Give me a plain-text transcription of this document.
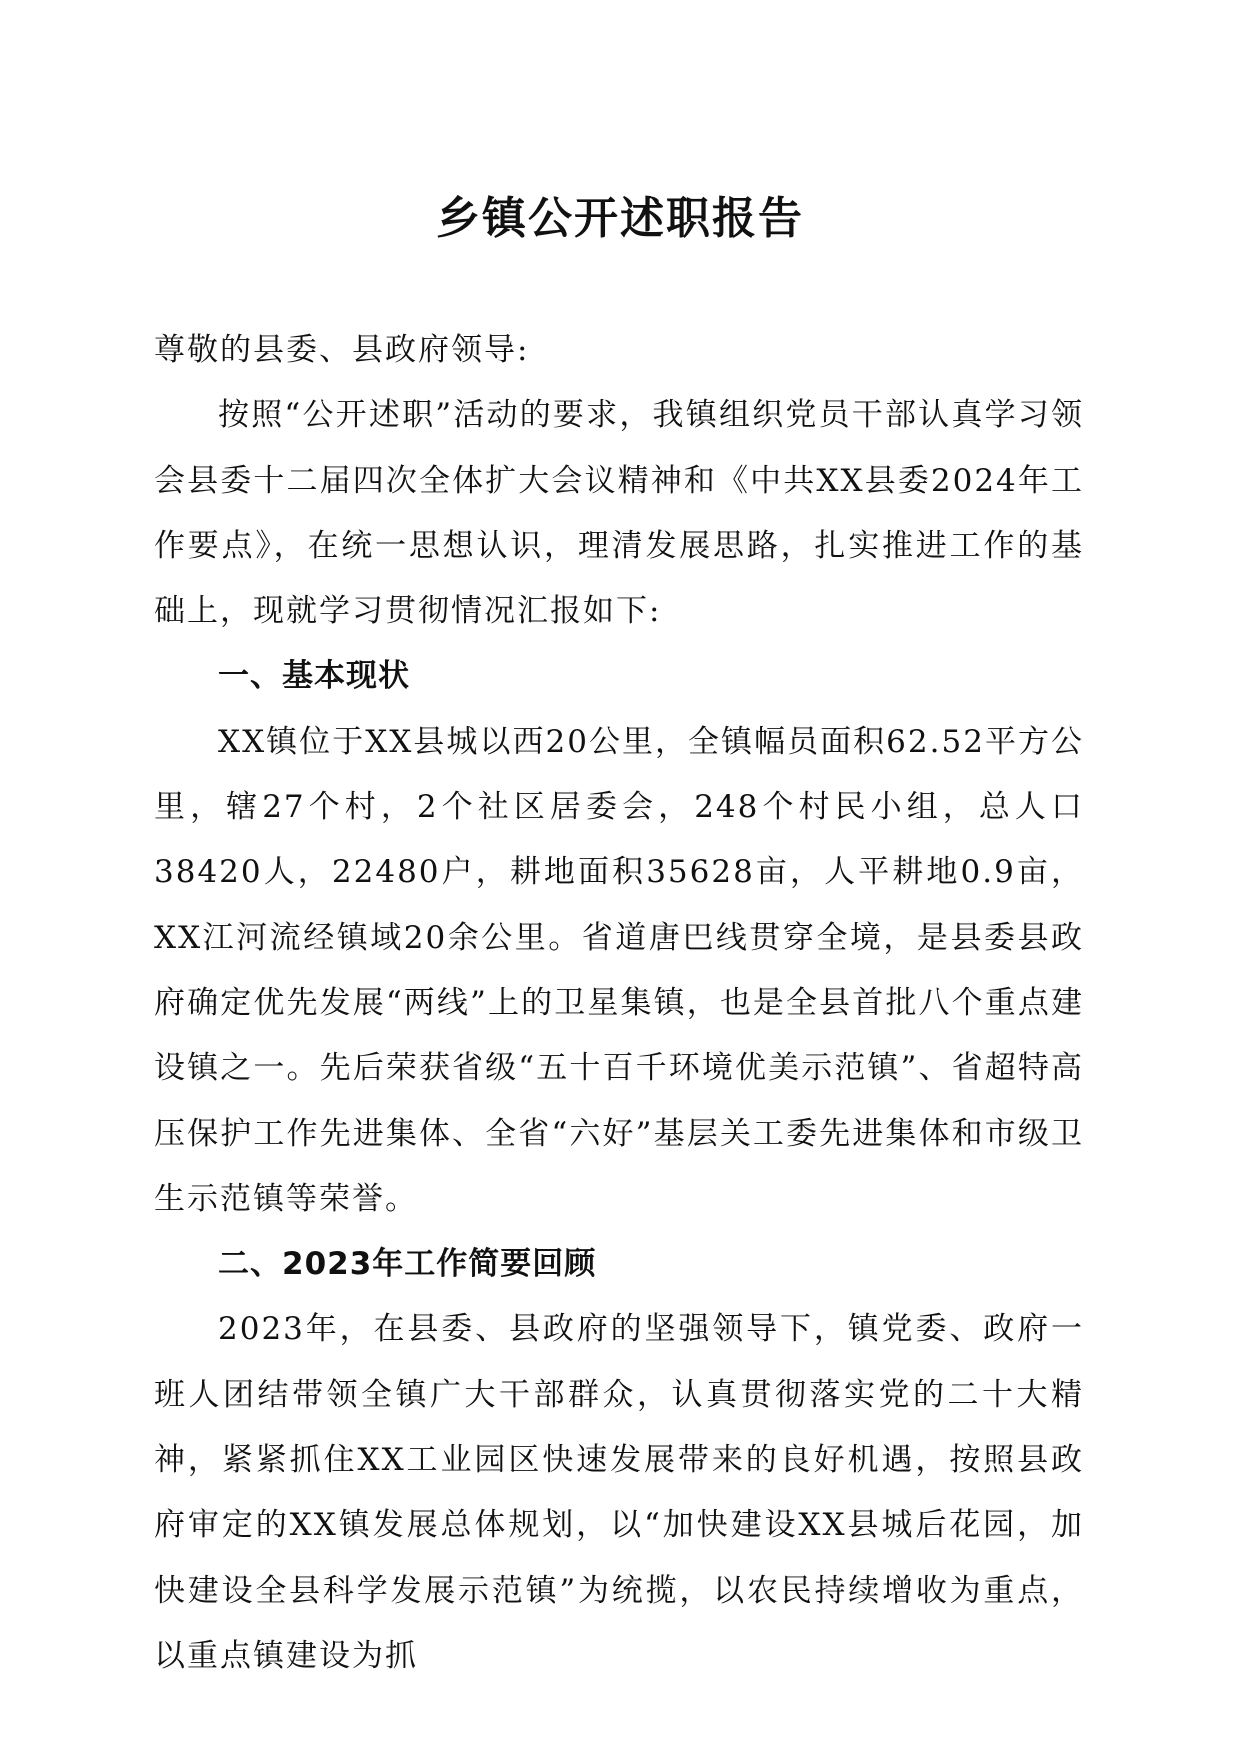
乡镇公开述职报告

尊敬的县委、县政府领导:

按照“公开述职”活动的要求，我镇组织党员干部认真学习领会县委十二届四次全体扩大会议精神和《中共XX县委2024年工作要点》，在统一思想认识，理清发展思路，扎实推进工作的基础上，现就学习贯彻情况汇报如下:

一、基本现状

XX镇位于XX县城以西20公里，全镇幅员面积62.52平方公里，辖27个村，2个社区居委会，248个村民小组，总人口38420人，22480户，耕地面积35628亩，人平耕地0.9亩，XX江河流经镇域20余公里。省道唐巴线贯穿全境，是县委县政府确定优先发展“两线”上的卫星集镇，也是全县首批八个重点建设镇之一。先后荣获省级“五十百千环境优美示范镇”、省超特高压保护工作先进集体、全省“六好”基层关工委先进集体和市级卫生示范镇等荣誉。

二、2023年工作简要回顾

2023年，在县委、县政府的坚强领导下，镇党委、政府一班人团结带领全镇广大干部群众，认真贯彻落实党的二十大精神，紧紧抓住XX工业园区快速发展带来的良好机遇，按照县政府审定的XX镇发展总体规划，以“加快建设XX县城后花园，加快建设全县科学发展示范镇”为统揽，以农民持续增收为重点，以重点镇建设为抓
